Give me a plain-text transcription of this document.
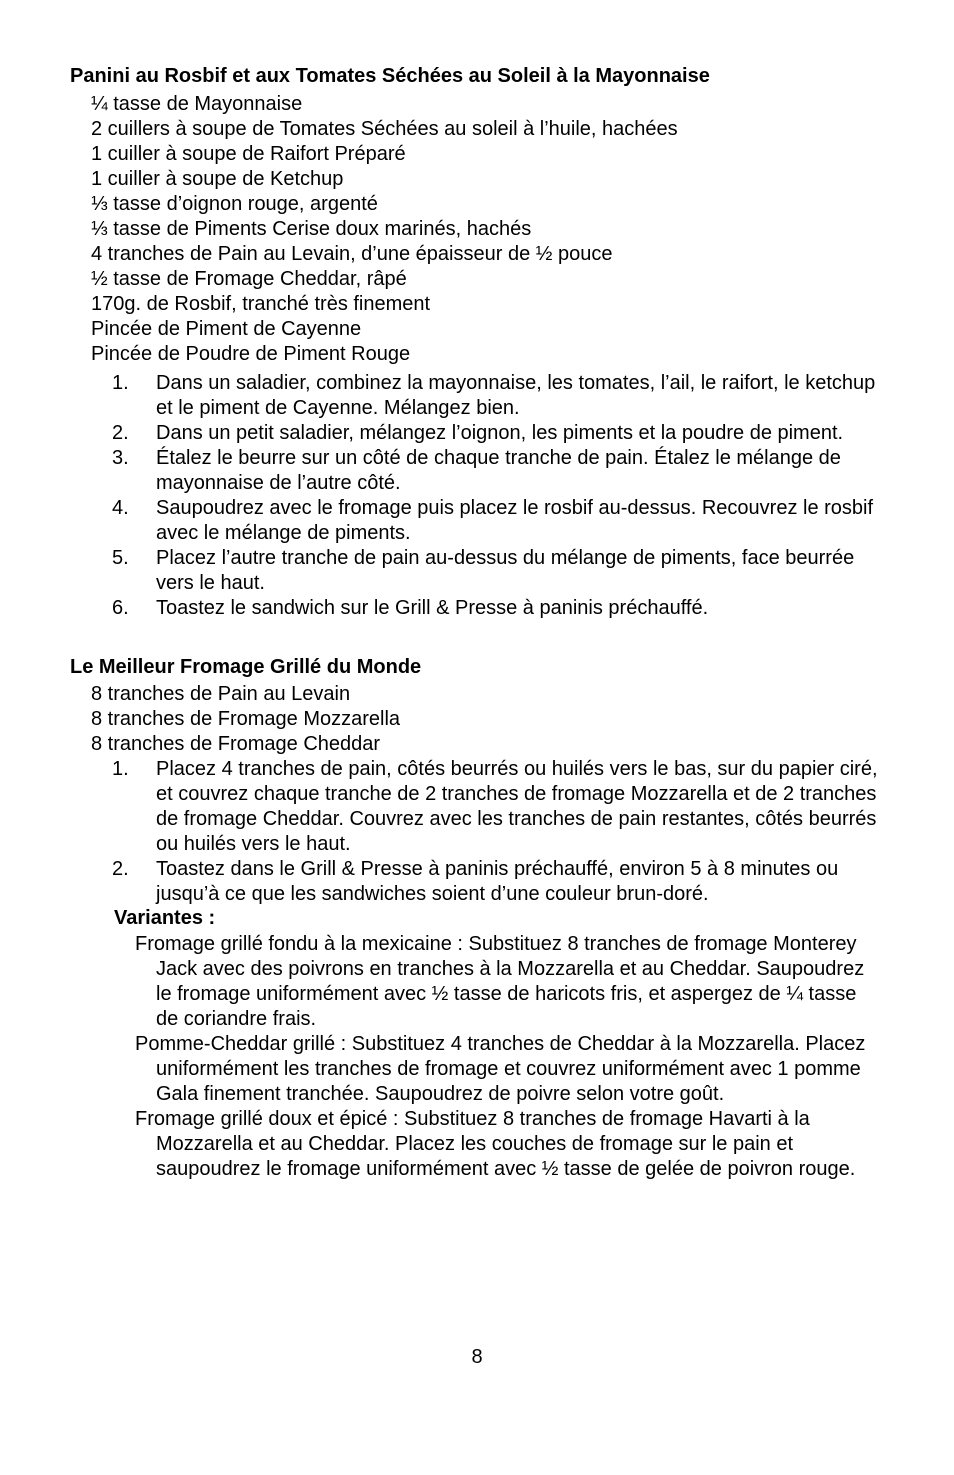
Panini au Rosbif et aux Tomates Séchées au Soleil à la Mayonnaise
¼ tasse de Mayonnaise
2 cuillers à soupe de Tomates Séchées au soleil à l’huile, hachées
1 cuiller à soupe de Raifort Préparé
1 cuiller à soupe de Ketchup
⅓ tasse d’oignon rouge, argenté
⅓ tasse de Piments Cerise doux marinés, hachés
4 tranches de Pain au Levain, d’une épaisseur de ½ pouce
½ tasse de Fromage Cheddar, râpé
170g. de Rosbif, tranché très finement
Pincée de Piment de Cayenne
Pincée de Poudre de Piment Rouge
1.	Dans un saladier, combinez la mayonnaise, les tomates, l’ail, le raifort, le ketchup et le piment de Cayenne. Mélangez bien.
2.	Dans un petit saladier, mélangez l’oignon, les piments et la poudre de piment.
3.	Étalez le beurre sur un côté de chaque tranche de pain. Étalez le mélange de mayonnaise de l’autre côté.
4.	Saupoudrez avec le fromage puis placez le rosbif au-dessus. Recouvrez le rosbif avec le mélange de piments.
5.	Placez l’autre tranche de pain au-dessus du mélange de piments, face beurrée vers le haut.
6.	Toastez le sandwich sur le Grill & Presse à paninis préchauffé.
Le Meilleur Fromage Grillé du Monde
8 tranches de Pain au Levain
8 tranches de Fromage Mozzarella
8 tranches de Fromage Cheddar
1.	Placez 4 tranches de pain, côtés beurrés ou huilés vers le bas, sur du papier ciré, et couvrez chaque tranche de 2 tranches de fromage Mozzarella et de 2 tranches de fromage Cheddar. Couvrez avec les tranches de pain restantes, côtés beurrés ou huilés vers le haut.
2.	Toastez dans le Grill & Presse à paninis préchauffé, environ 5 à 8 minutes ou jusqu’à ce que les sandwiches soient d’une couleur brun-doré.
Variantes :
Fromage grillé fondu à la mexicaine : Substituez 8 tranches de fromage Monterey Jack avec des poivrons en tranches à la Mozzarella et au Cheddar. Saupoudrez le fromage uniformément avec ½ tasse de haricots fris, et aspergez de ¼ tasse de coriandre frais.
Pomme-Cheddar grillé : Substituez 4 tranches de Cheddar à la Mozzarella. Placez uniformément les tranches de fromage et couvrez uniformément avec 1 pomme Gala finement tranchée. Saupoudrez de poivre selon votre goût.
Fromage grillé doux et épicé : Substituez 8 tranches de fromage Havarti à la Mozzarella et au Cheddar. Placez les couches de fromage sur le pain et saupoudrez le fromage uniformément avec ½ tasse de gelée de poivron rouge.
8
